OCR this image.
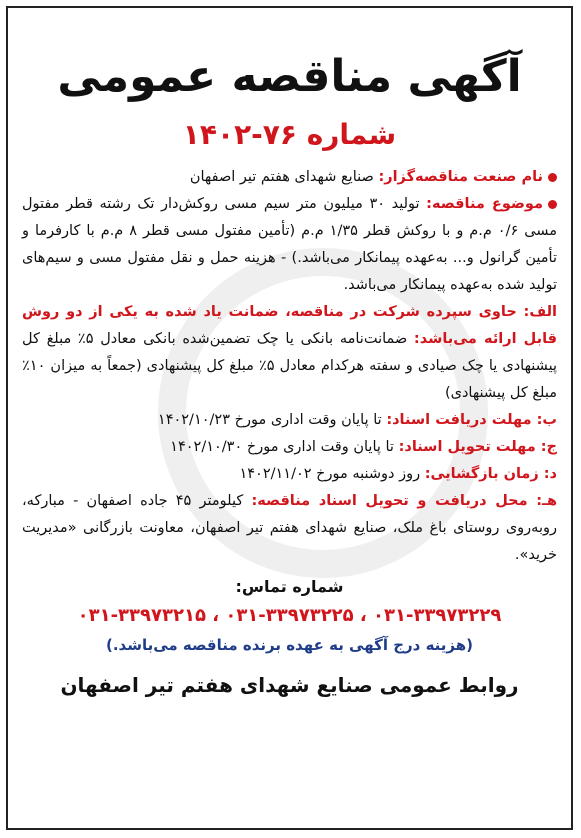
آگهی مناقصه عمومی
شماره ۷۶-۱۴۰۲
نام صنعت مناقصه‌گزار: صنایع شهدای هفتم تیر اصفهان
موضوع مناقصه: تولید ۳۰ میلیون متر سیم مسی روکش‌دار تک رشته قطر مفتول مسی ۰/۶ م.م و با روکش قطر ۱/۳۵ م.م (تأمین مفتول مسی قطر ۸ م.م با کارفرما و تأمین گرانول و... به‌عهده پیمانکار می‌باشد.) - هزینه حمل و نقل مفتول مسی و سیم‌های تولید شده به‌عهده پیمانکار می‌باشد.
الف: حاوی سپرده شرکت در مناقصه، ضمانت یاد شده به یکی از دو روش قابل ارائه می‌باشد: ضمانت‌نامه بانکی یا چک تضمین‌شده بانکی معادل ۵٪ مبلغ کل پیشنهادی یا چک صیادی و سفته هرکدام معادل ۵٪ مبلغ کل پیشنهادی (جمعاً به میزان ۱۰٪ مبلغ کل پیشنهادی)
ب: مهلت دریافت اسناد: تا پایان وقت اداری مورخ ۱۴۰۲/۱۰/۲۳
ج: مهلت تحویل اسناد: تا پایان وقت اداری مورخ ۱۴۰۲/۱۰/۳۰
د: زمان بازگشایی: روز دوشنبه مورخ ۱۴۰۲/۱۱/۰۲
هـ: محل دریافت و تحویل اسناد مناقصه: کیلومتر ۴۵ جاده اصفهان - مبارکه، روبه‌روی روستای باغ ملک، صنایع شهدای هفتم تیر اصفهان، معاونت بازرگانی «مدیریت خرید».
شماره تماس:
۰۳۱-۳۳۹۷۳۲۲۹ ، ۰۳۱-۳۳۹۷۳۲۲۵ ، ۰۳۱-۳۳۹۷۳۲۱۵
(هزینه درج آگهی به عهده برنده مناقصه می‌باشد.)
روابط عمومی صنایع شهدای هفتم تیر اصفهان
